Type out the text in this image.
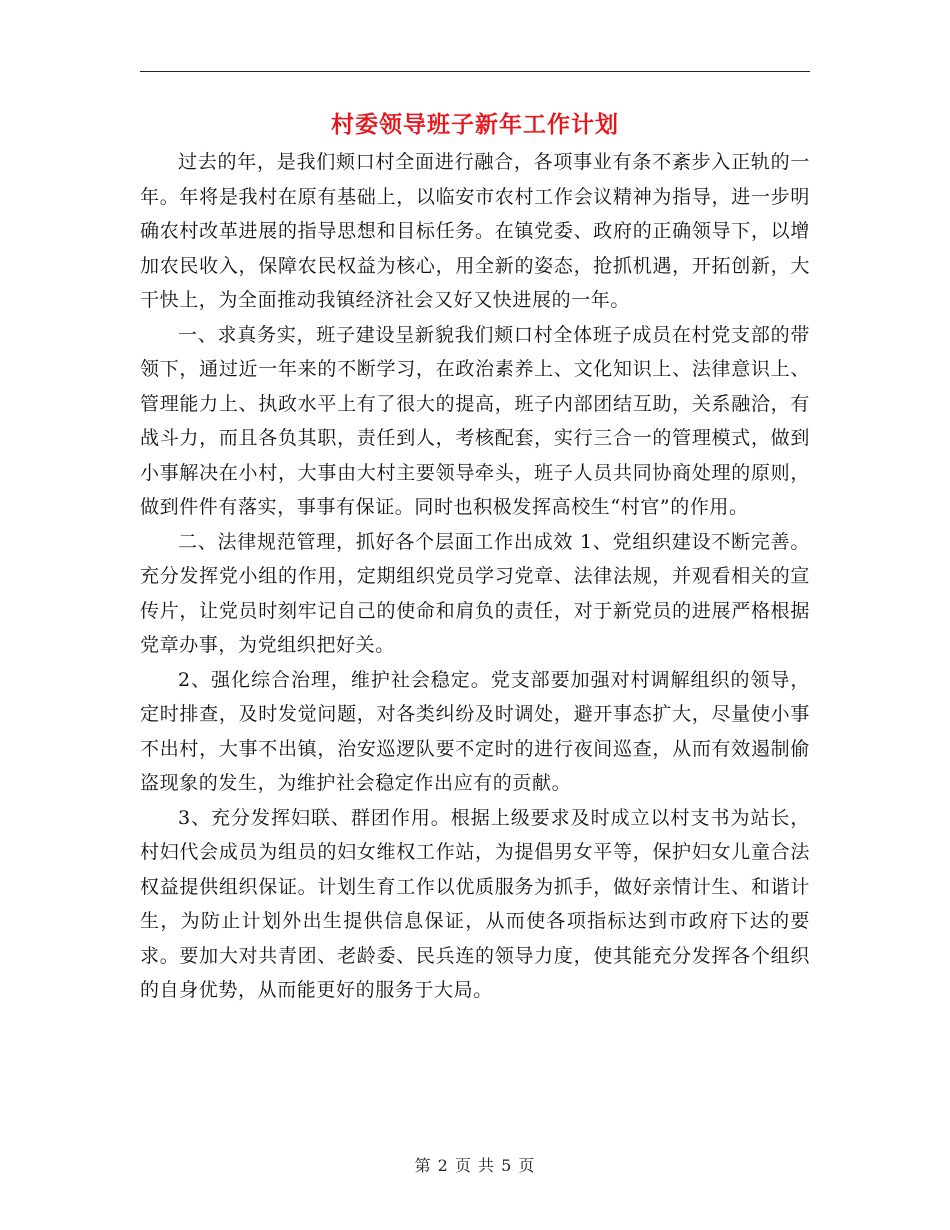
村委领导班子新年工作计划

过去的年，是我们颊口村全面进行融合，各项事业有条不紊步入正轨的一年。年将是我村在原有基础上，以临安市农村工作会议精神为指导，进一步明确农村改革进展的指导思想和目标任务。在镇党委、政府的正确领导下，以增加农民收入，保障农民权益为核心，用全新的姿态，抢抓机遇，开拓创新，大干快上，为全面推动我镇经济社会又好又快进展的一年。

一、求真务实，班子建设呈新貌我们颊口村全体班子成员在村党支部的带领下，通过近一年来的不断学习，在政治素养上、文化知识上、法律意识上、管理能力上、执政水平上有了很大的提高，班子内部团结互助，关系融洽，有战斗力，而且各负其职，责任到人，考核配套，实行三合一的管理模式，做到小事解决在小村，大事由大村主要领导牵头，班子人员共同协商处理的原则，做到件件有落实，事事有保证。同时也积极发挥高校生“村官”的作用。

二、法律规范管理，抓好各个层面工作出成效 1、党组织建设不断完善。充分发挥党小组的作用，定期组织党员学习党章、法律法规，并观看相关的宣传片，让党员时刻牢记自己的使命和肩负的责任，对于新党员的进展严格根据党章办事，为党组织把好关。

2、强化综合治理，维护社会稳定。党支部要加强对村调解组织的领导，定时排查，及时发觉问题，对各类纠纷及时调处，避开事态扩大，尽量使小事不出村，大事不出镇，治安巡逻队要不定时的进行夜间巡查，从而有效遏制偷盗现象的发生，为维护社会稳定作出应有的贡献。

3、充分发挥妇联、群团作用。根据上级要求及时成立以村支书为站长，村妇代会成员为组员的妇女维权工作站，为提倡男女平等，保护妇女儿童合法权益提供组织保证。计划生育工作以优质服务为抓手，做好亲情计生、和谐计生，为防止计划外出生提供信息保证，从而使各项指标达到市政府下达的要求。要加大对共青团、老龄委、民兵连的领导力度，使其能充分发挥各个组织的自身优势，从而能更好的服务于大局。

第 2 页 共 5 页
